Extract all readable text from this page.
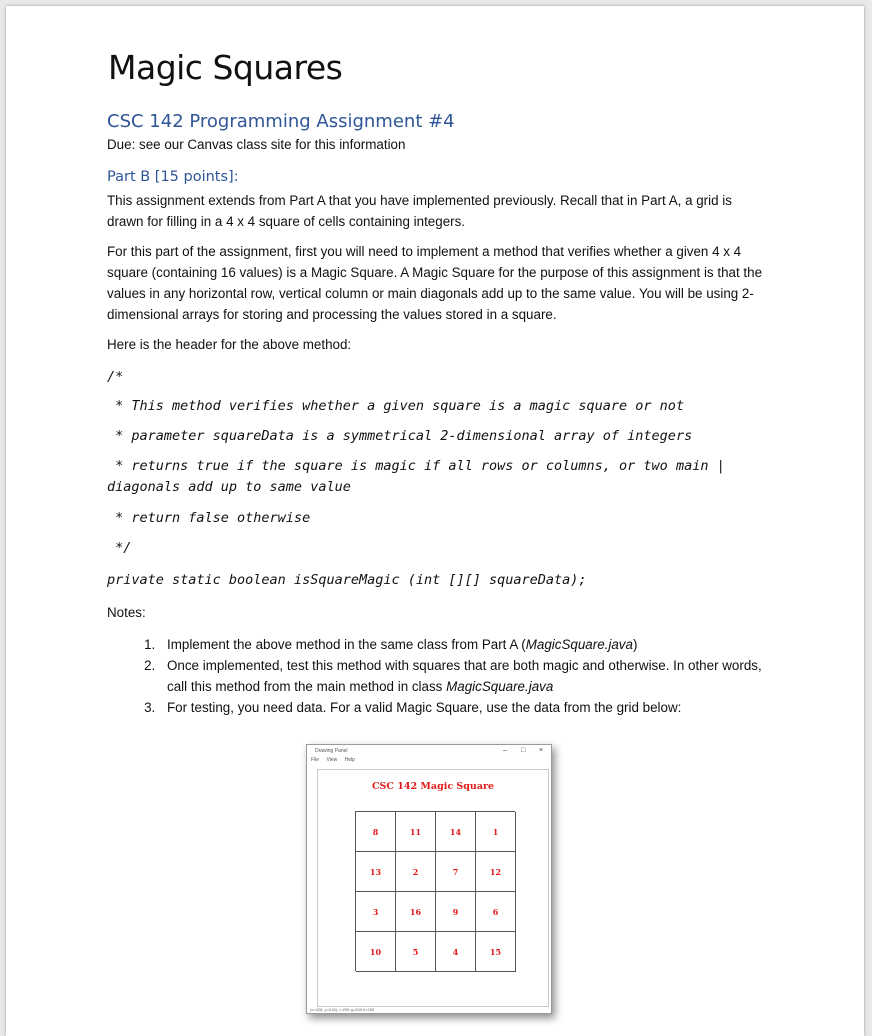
Magic Squares
CSC 142 Programming Assignment #4
Due: see our Canvas class site for this information
Part B [15 points]:
This assignment extends from Part A that you have implemented previously. Recall that in Part A, a grid is drawn for filling in a 4 x 4 square of cells containing integers.
For this part of the assignment, first you will need to implement a method that verifies whether a given 4 x 4 square (containing 16 values) is a Magic Square. A Magic Square for the purpose of this assignment is that the values in any horizontal row, vertical column or main diagonals add up to the same value. You will be using 2-dimensional arrays for storing and processing the values stored in a square.
Here is the header for the above method:
/*
* This method verifies whether a given square is a magic square or not
* parameter squareData is a symmetrical 2-dimensional array of integers
* returns true if the square is magic if all rows or columns, or two main |
diagonals add up to same value
* return false otherwise
*/
private static boolean isSquareMagic (int [][] squareData);
Notes:
1. Implement the above method in the same class from Part A (MagicSquare.java)
2. Once implemented, test this method with squares that are both magic and otherwise. In other words, call this method from the main method in class MagicSquare.java
3. For testing, you need data. For a valid Magic Square, use the data from the grid below:
Drawing Panel
File View Help
– □ ×
CSC 142 Magic Square
8	11	14	1
13	2	7	12
3	16	9	6
10	5	4	15
(x=428, y=518), r=255 g=255 b=255
